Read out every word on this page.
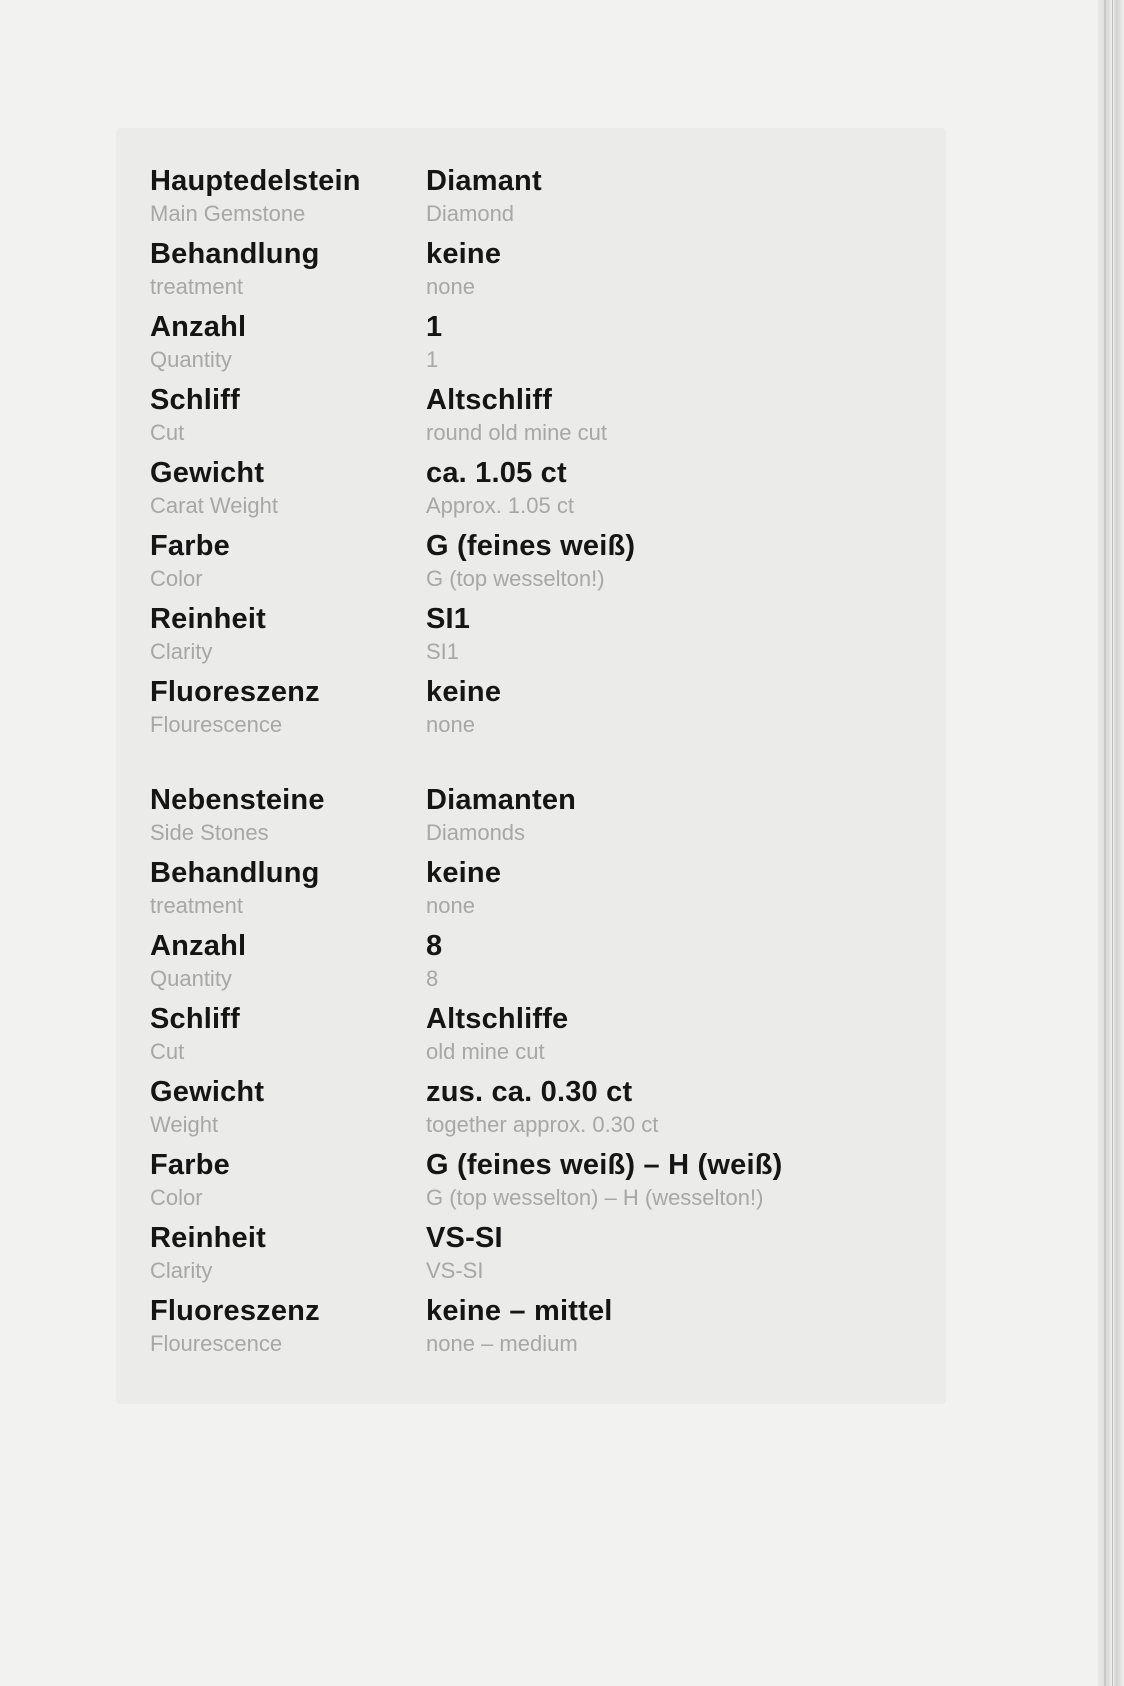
Hauptedelstein	Diamant
Main Gemstone	Diamond
Behandlung	keine
treatment	none
Anzahl	1
Quantity	1
Schliff	Altschliff
Cut	round old mine cut
Gewicht	ca. 1.05 ct
Carat Weight	Approx. 1.05 ct
Farbe	G (feines weiß)
Color	G (top wesselton!)
Reinheit	SI1
Clarity	SI1
Fluoreszenz	keine
Flourescence	none
Nebensteine	Diamanten
Side Stones	Diamonds
Behandlung	keine
treatment	none
Anzahl	8
Quantity	8
Schliff	Altschliffe
Cut	old mine cut
Gewicht	zus. ca. 0.30 ct
Weight	together approx. 0.30 ct
Farbe	G (feines weiß) – H (weiß)
Color	G (top wesselton) – H (wesselton!)
Reinheit	VS-SI
Clarity	VS-SI
Fluoreszenz	keine – mittel
Flourescence	none – medium
